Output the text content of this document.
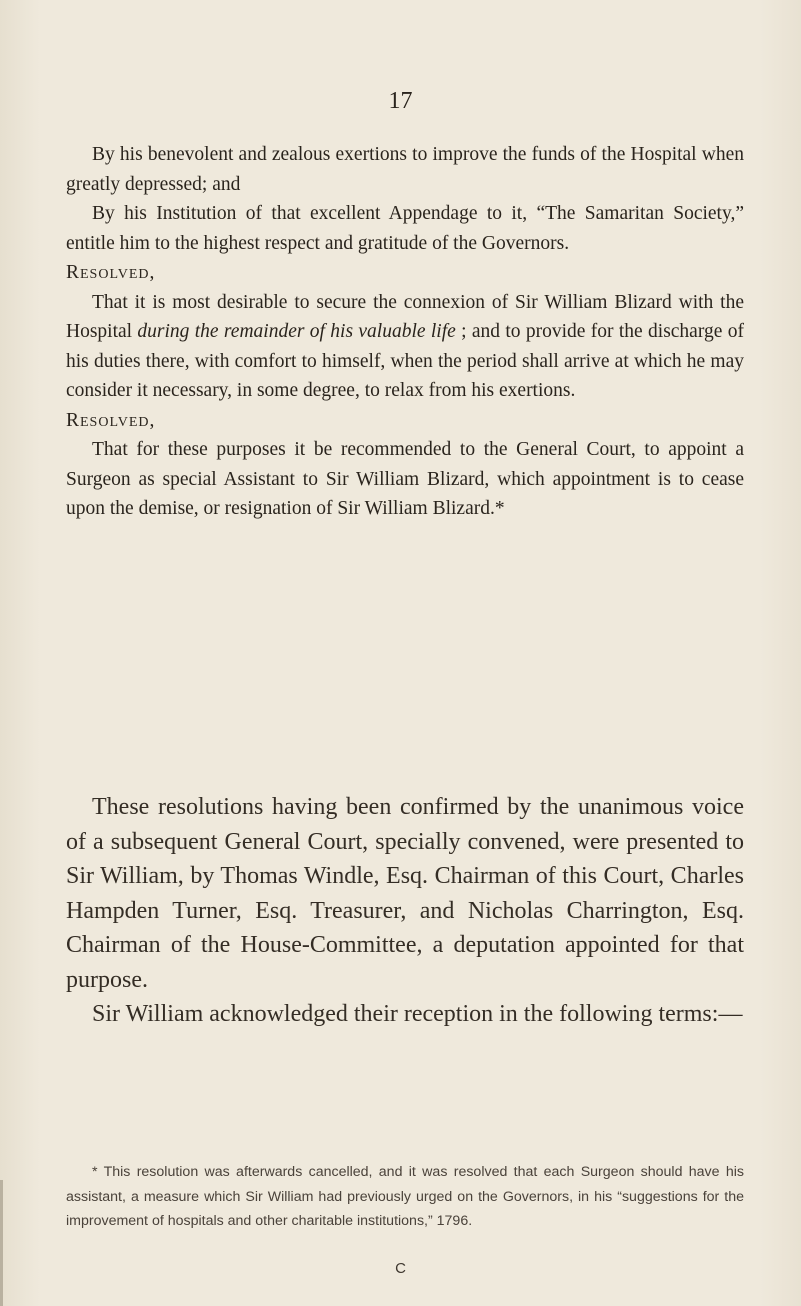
17

By his benevolent and zealous exertions to improve the funds of the Hospital when greatly depressed; and

By his Institution of that excellent Appendage to it, “The Samaritan Society,” entitle him to the highest respect and gratitude of the Governors.

Resolved,

That it is most desirable to secure the connexion of Sir William Blizard with the Hospital during the remainder of his valuable life ; and to provide for the discharge of his duties there, with comfort to himself, when the period shall arrive at which he may consider it necessary, in some degree, to relax from his exertions.

Resolved,

That for these purposes it be recommended to the General Court, to appoint a Surgeon as special Assistant to Sir William Blizard, which appointment is to cease upon the demise, or resignation of Sir William Blizard.*

These resolutions having been confirmed by the unanimous voice of a subsequent General Court, specially convened, were presented to Sir William, by Thomas Windle, Esq. Chairman of this Court, Charles Hampden Turner, Esq. Treasurer, and Nicholas Charrington, Esq. Chairman of the House-Committee, a deputation appointed for that purpose.

Sir William acknowledged their reception in the following terms:—

* This resolution was afterwards cancelled, and it was resolved that each Surgeon should have his assistant, a measure which Sir William had previously urged on the Governors, in his “suggestions for the improvement of hospitals and other charitable institutions,” 1796.

C
